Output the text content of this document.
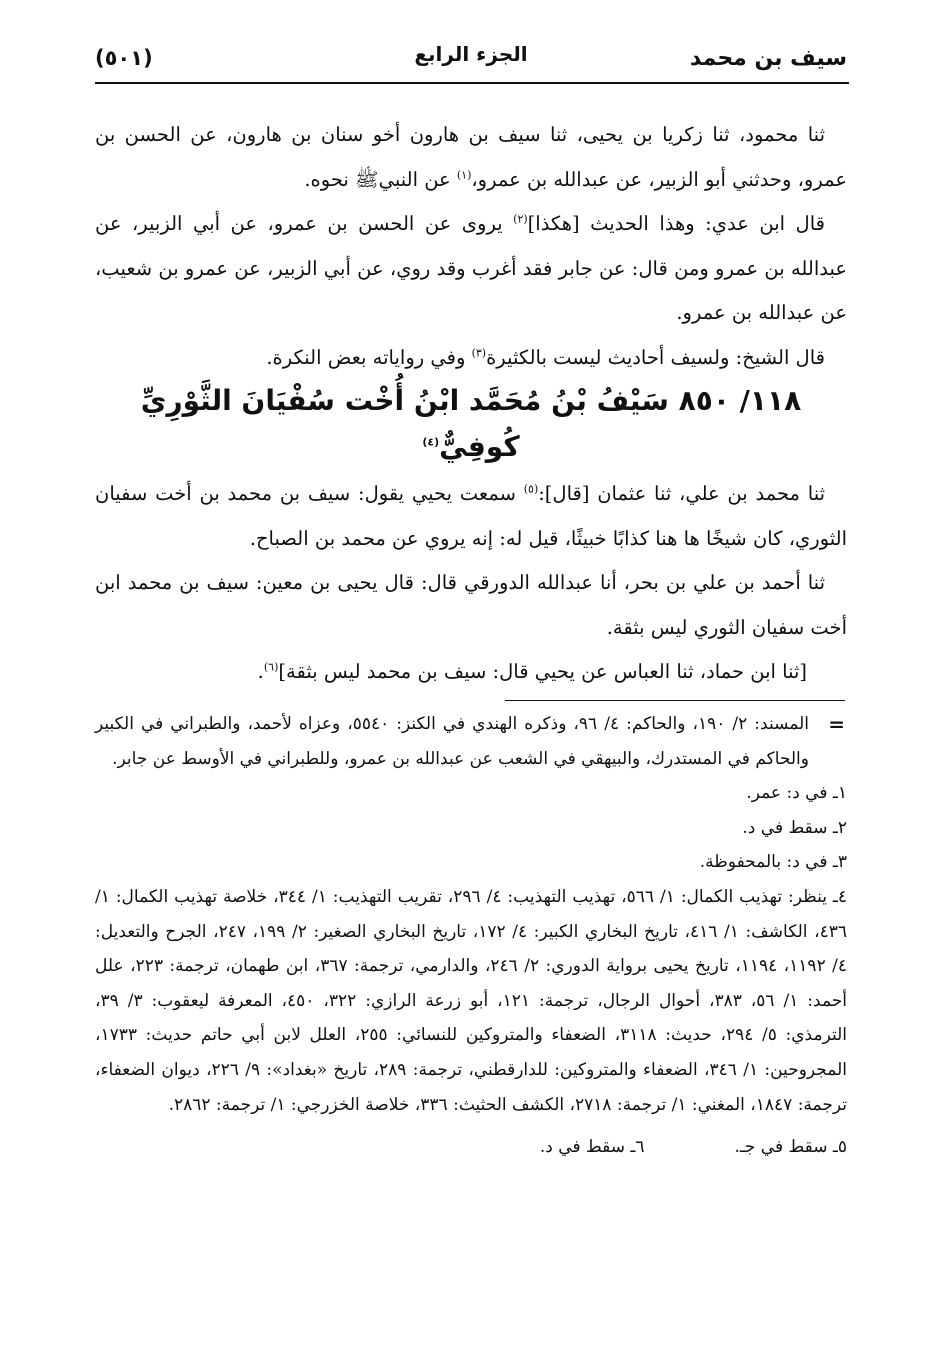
سيف بن محمد
الجزء الرابع
(٥٠١)

ثنا محمود، ثنا زكريا بن يحيى، ثنا سيف بن هارون أخو سنان بن هارون، عن الحسن بن عمرو، وحدثني أبو الزبير، عن عبدالله بن عمرو،$^{(١)}$ عن النبيﷺ نحوه.

قال ابن عدي: وهذا الحديث [هكذا]$^{(٢)}$ يروى عن الحسن بن عمرو، عن أبي الزبير، عن عبدالله بن عمرو ومن قال: عن جابر فقد أغرب وقد روي، عن أبي الزبير، عن عمرو بن شعيب، عن عبدالله بن عمرو.

قال الشيخ: ولسيف أحاديث ليست بالكثيرة$^{(٣)}$ وفي رواياته بعض النكرة.

١١٨/ ٨٥٠ سَيْفُ بْنُ مُحَمَّد ابْنُ أُخْت سُفْيَانَ الثَّوْرِيِّ كُوفِيٌّ$^{(٤)}$

ثنا محمد بن علي، ثنا عثمان [قال]:$^{(٥)}$ سمعت يحيي يقول: سيف بن محمد بن أخت سفيان الثوري، كان شيخًا ها هنا كذابًا خبيثًا، قيل له: إنه يروي عن محمد بن الصباح.

ثنا أحمد بن علي بن بحر، أنا عبدالله الدورقي قال: قال يحيى بن معين: سيف بن محمد ابن أخت سفيان الثوري ليس بثقة.

[ثنا ابن حماد، ثنا العباس عن يحيي قال: سيف بن محمد ليس بثقة]$^{(٦)}$.

=
المسند: ٢/ ١٩٠، والحاكم: ٤/ ٩٦، وذكره الهندي في الكنز: ٥٥٤٠، وعزاه لأحمد، والطبراني في الكبير والحاكم في المستدرك، والبيهقي في الشعب عن عبدالله بن عمرو، وللطبراني في الأوسط عن جابر.

١ـ في د: عمر.

٢ـ سقط في د.

٣ـ في د: بالمحفوظة.

٤ـ ينظر: تهذيب الكمال: ١/ ٥٦٦، تهذيب التهذيب: ٤/ ٢٩٦، تقريب التهذيب: ١/ ٣٤٤، خلاصة تهذيب الكمال: ١/ ٤٣٦، الكاشف: ١/ ٤١٦، تاريخ البخاري الكبير: ٤/ ١٧٢، تاريخ البخاري الصغير: ٢/ ١٩٩، ٢٤٧، الجرح والتعديل: ٤/ ١١٩٢، ١١٩٤، تاريخ يحيى برواية الدوري: ٢/ ٢٤٦، والدارمي، ترجمة: ٣٦٧، ابن طهمان، ترجمة: ٢٢٣، علل أحمد: ١/ ٥٦، ٣٨٣، أحوال الرجال، ترجمة: ١٢١، أبو زرعة الرازي: ٣٢٢، ٤٥٠، المعرفة ليعقوب: ٣/ ٣٩، الترمذي: ٥/ ٢٩٤، حديث: ٣١١٨، الضعفاء والمتروكين للنسائي: ٢٥٥، العلل لابن أبي حاتم حديث: ١٧٣٣، المجروحين: ١/ ٣٤٦، الضعفاء والمتروكين: للدارقطني، ترجمة: ٢٨٩، تاريخ «بغداد»: ٩/ ٢٢٦، ديوان الضعفاء، ترجمة: ١٨٤٧، المغني: ١/ ترجمة: ٢٧١٨، الكشف الحثيث: ٣٣٦، خلاصة الخزرجي: ١/ ترجمة: ٢٨٦٢.

٥ـ سقط في جـ.
٦ـ سقط في د.
